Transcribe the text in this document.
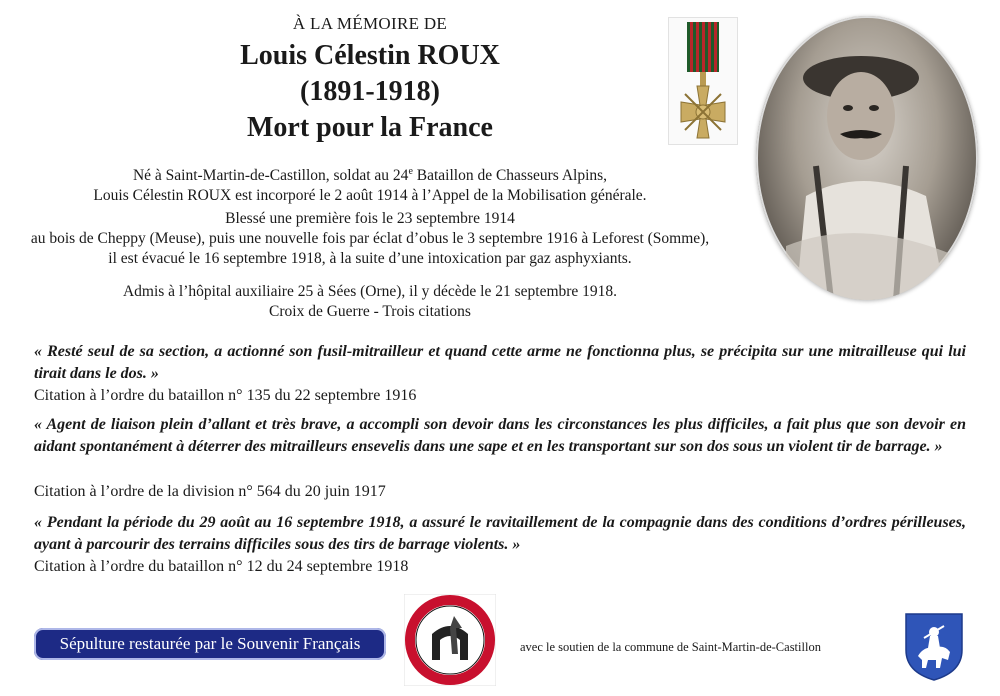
À LA MÉMOIRE DE
Louis Célestin ROUX
(1891-1918)
Mort pour la France
Né à Saint-Martin-de-Castillon, soldat au 24e Bataillon de Chasseurs Alpins,
Louis Célestin ROUX est incorporé le 2 août 1914 à l’Appel de la Mobilisation générale.
Blessé une première fois le 23 septembre 1914
au bois de Cheppy (Meuse), puis une nouvelle fois par éclat d’obus le 3 septembre 1916 à Leforest (Somme),
il est évacué le 16 septembre 1918, à la suite d’une intoxication par gaz asphyxiants.
Admis à l’hôpital auxiliaire 25 à Sées (Orne), il y décède le 21 septembre 1918.
Croix de Guerre - Trois citations
« Resté seul de sa section, a actionné son fusil-mitrailleur et quand cette arme ne fonctionna plus, se précipita sur une mitrailleuse qui lui tirait dans le dos. »
Citation à l’ordre du bataillon n° 135 du 22 septembre 1916
« Agent de liaison plein d’allant et très brave, a accompli son devoir dans les circonstances les plus difficiles, a fait plus que son devoir en aidant spontanément à déterrer des mitrailleurs ensevelis dans une sape et en les transportant sur son dos sous un violent tir de barrage. »
Citation à l’ordre de la division n° 564 du 20 juin 1917
« Pendant la période du 29 août au 16 septembre 1918, a assuré le ravitaillement de la compagnie dans des conditions d’ordres périlleuses, ayant à parcourir des terrains difficiles sous des tirs de barrage violents. »
Citation à l’ordre du bataillon n° 12 du 24 septembre 1918
Sépulture restaurée par le Souvenir Français	avec le soutien de la commune de Saint-Martin-de-Castillon
